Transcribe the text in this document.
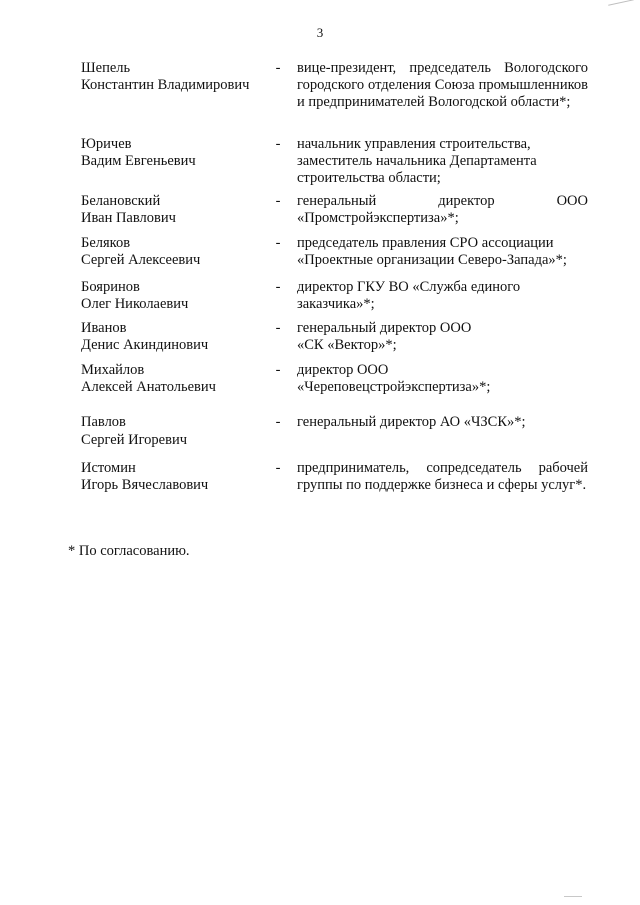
3
Шепель
Константин Владимирович
- вице-президент, председатель Вологодского городского отделения Союза промышленников и предпринимателей Вологодской области*;
Юричев
Вадим Евгеньевич
- начальник управления строительства, заместитель начальника Департамента строительства области;
Белановский
Иван Павлович
- генеральный директор ООО «Промстройэкспертиза»*;
Беляков
Сергей Алексеевич
- председатель правления СРО ассоциации «Проектные организации Северо-Запада»*;
Бояринов
Олег Николаевич
- директор ГКУ ВО «Служба единого заказчика»*;
Иванов
Денис Акиндинович
- генеральный директор ООО «СК «Вектор»*;
Михайлов
Алексей Анатольевич
- директор ООО «Череповецстройэкспертиза»*;
Павлов
Сергей Игоревич
- генеральный директор АО «ЧЗСК»*;
Истомин
Игорь Вячеславович
- предприниматель, сопредседатель рабочей группы по поддержке бизнеса и сферы услуг*.
* По согласованию.
